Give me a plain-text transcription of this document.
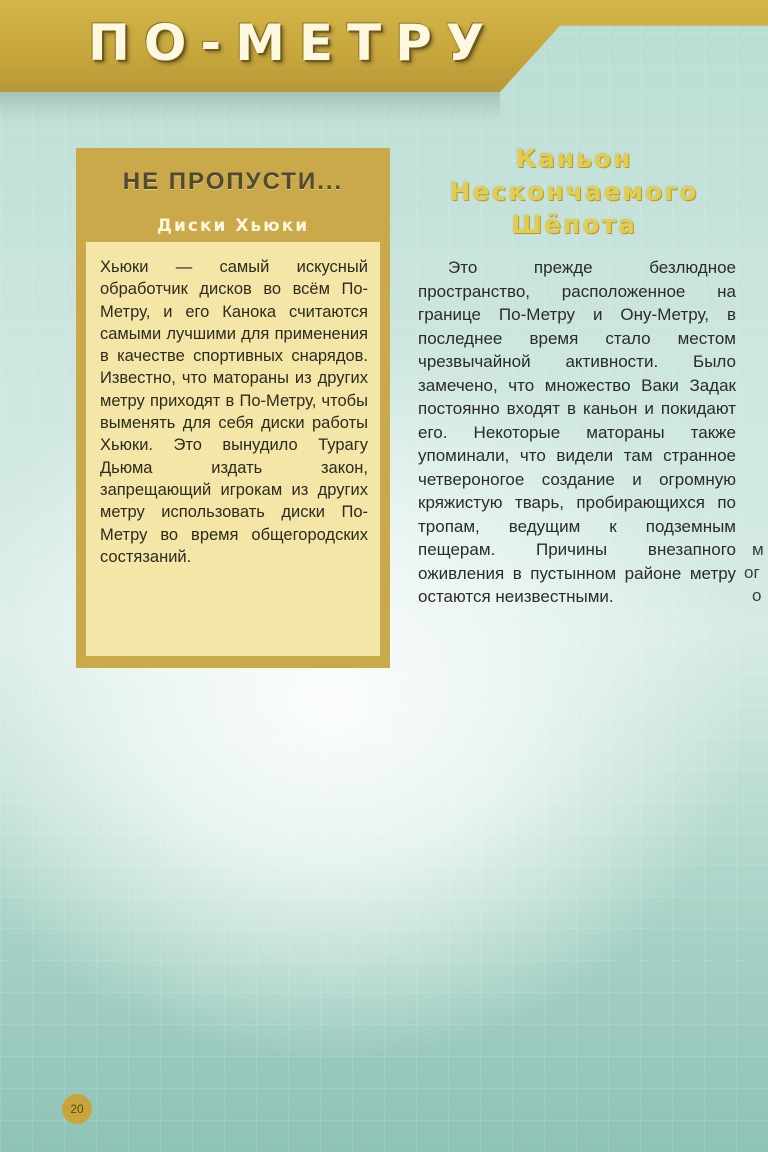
ПО-МЕТРУ
НЕ ПРОПУСТИ...
Диски Хьюки

Хьюки — самый искусный обработчик дисков во всём По-Метру, и его Канока считаются самыми лучшими для применения в качестве спортивных снарядов. Известно, что матораны из других метру приходят в По-Метру, чтобы выменять для себя диски работы Хьюки. Это вынудило Турагу Дьюма издать закон, запрещающий игрокам из других метру использовать диски По-Метру во время общегородских состязаний.

Каньон
Нескончаемого
Шёпота

Это прежде безлюдное пространство, расположенное на границе По-Метру и Ону-Метру, в последнее время стало местом чрезвычайной активности. Было замечено, что множество Ваки Задак постоянно входят в каньон и покидают его. Некоторые матораны также упоминали, что видели там странное четвероногое создание и огромную кряжистую тварь, пробирающихся по тропам, ведущим к подземным пещерам. Причины внезапного оживления в пустынном районе метру остаются неизвестными.

м

ог

о

20
